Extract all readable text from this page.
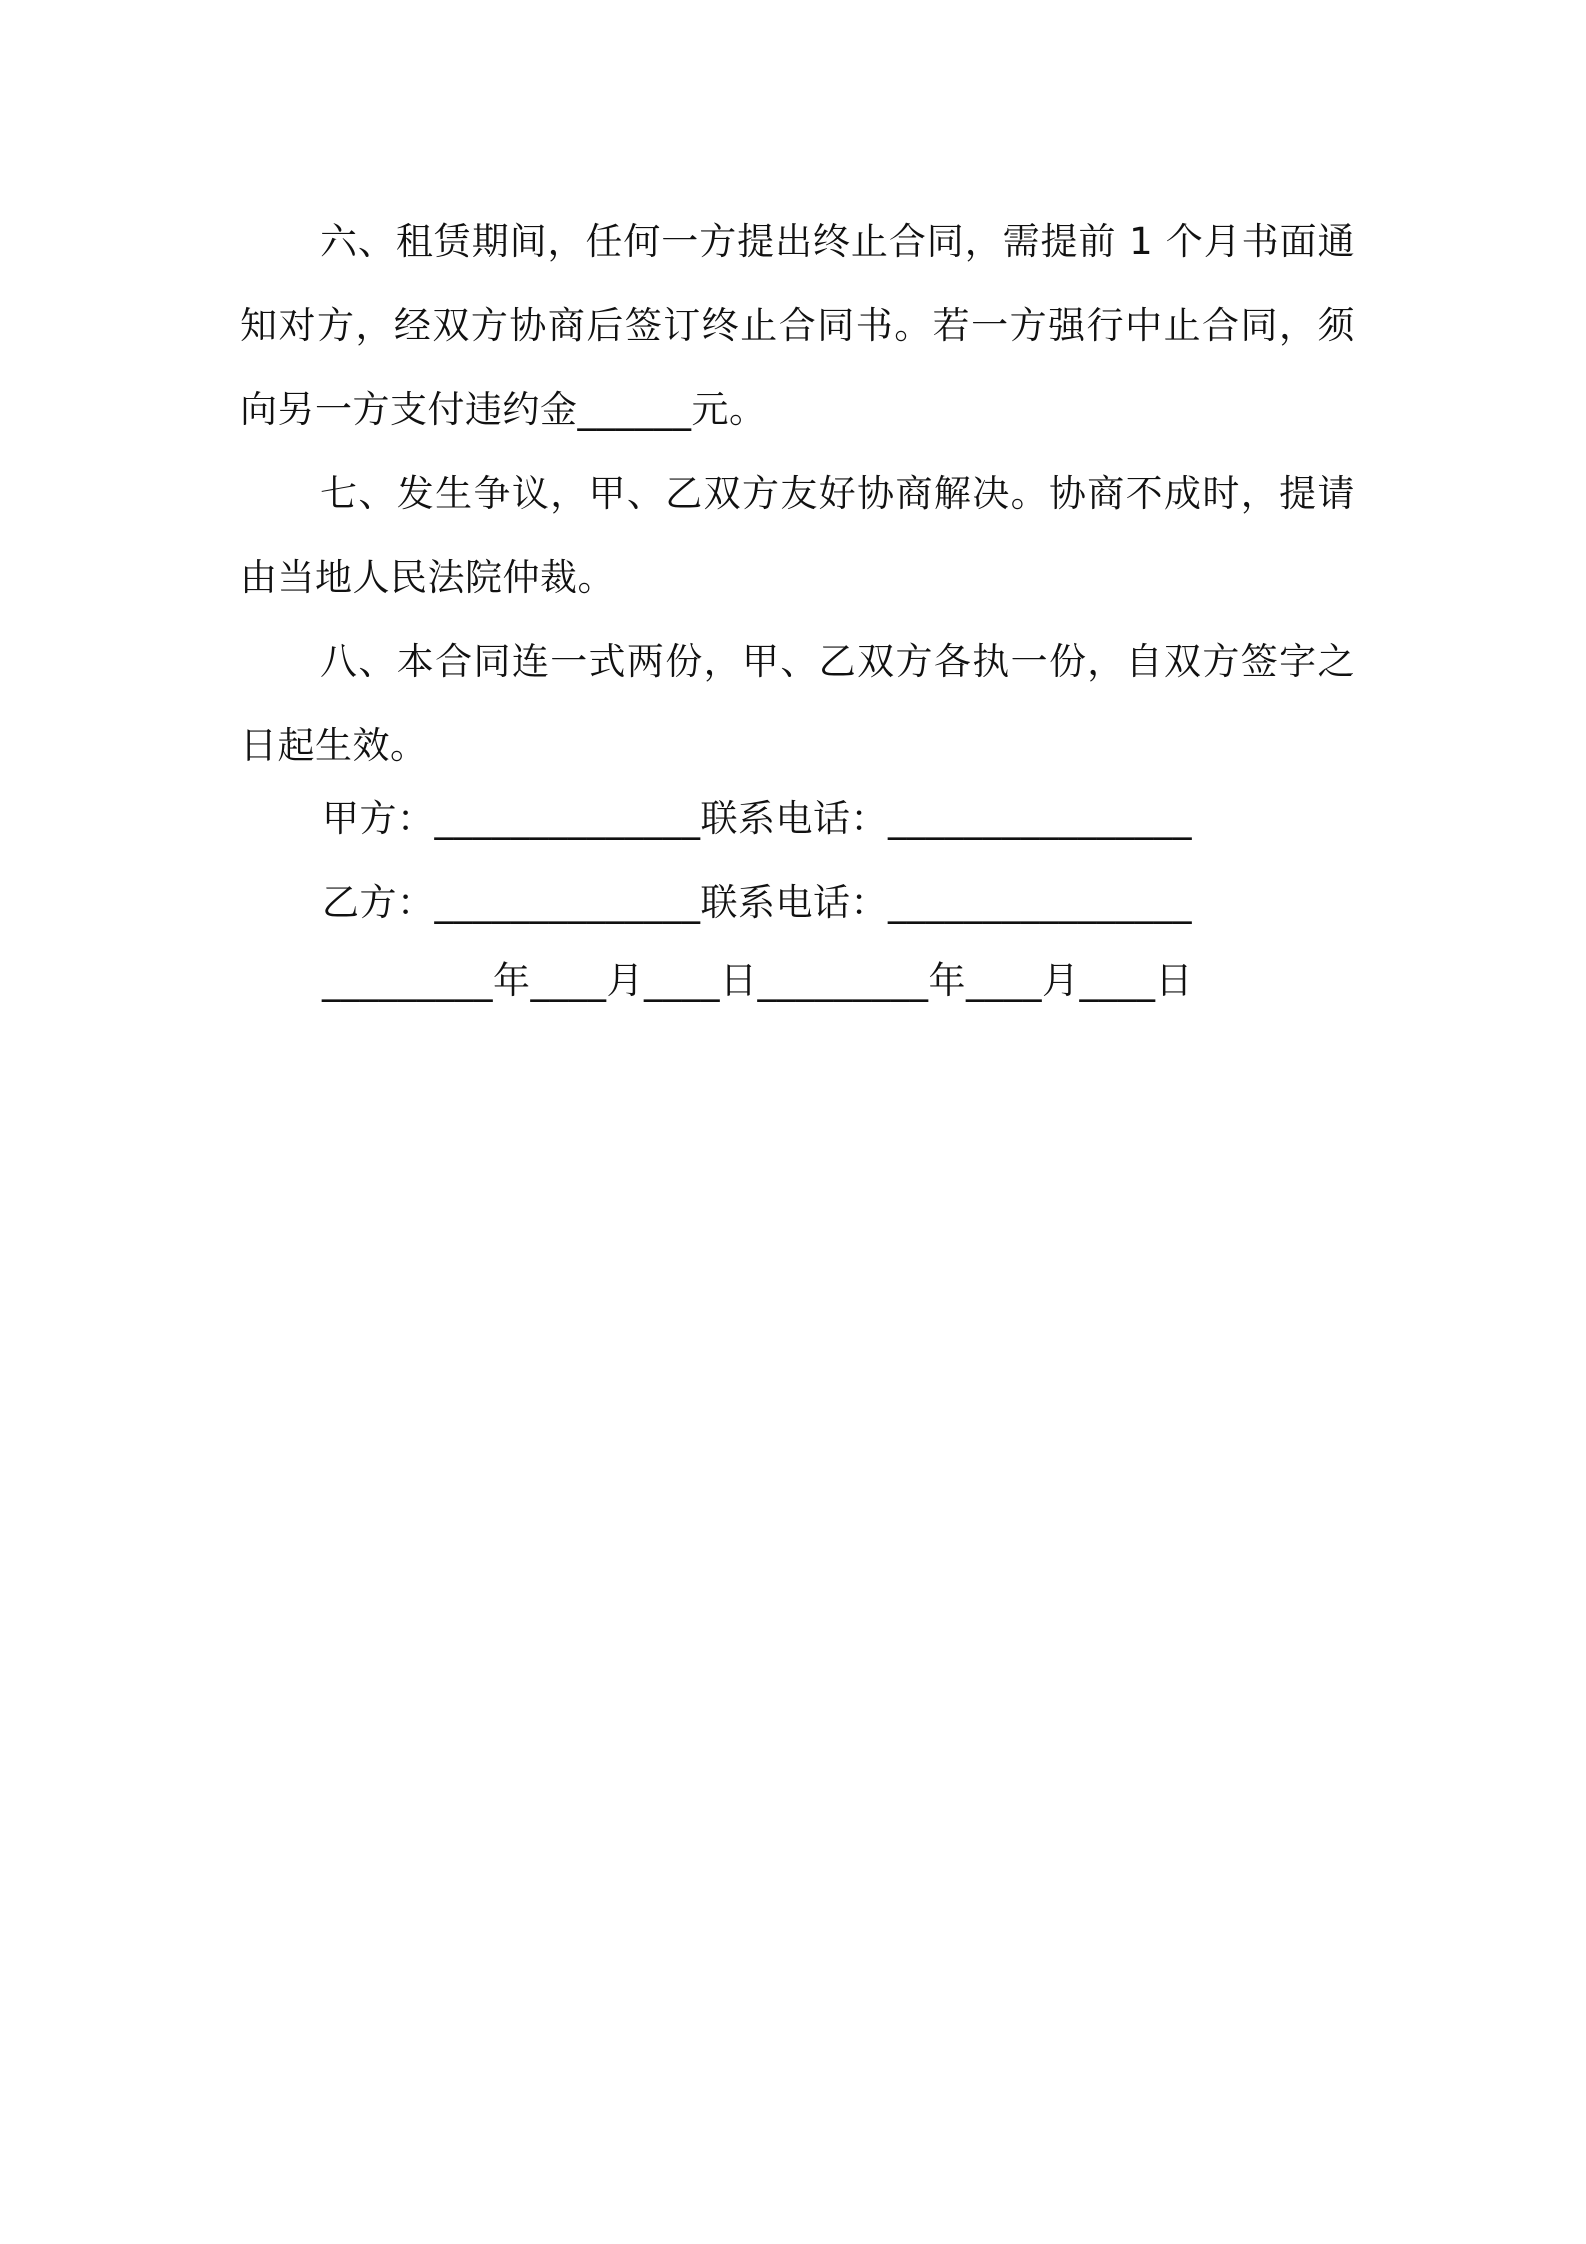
六、租赁期间，任何一方提出终止合同，需提前 1 个月书面通知对方，经双方协商后签订终止合同书。若一方强行中止合同，须向另一方支付违约金______元。

七、发生争议，甲、乙双方友好协商解决。协商不成时，提请由当地人民法院仲裁。

八、本合同连一式两份，甲、乙双方各执一份，自双方签字之日起生效。

甲方：______________联系电话：________________
乙方：______________联系电话：________________
_________年____月____日_________年____月____日
